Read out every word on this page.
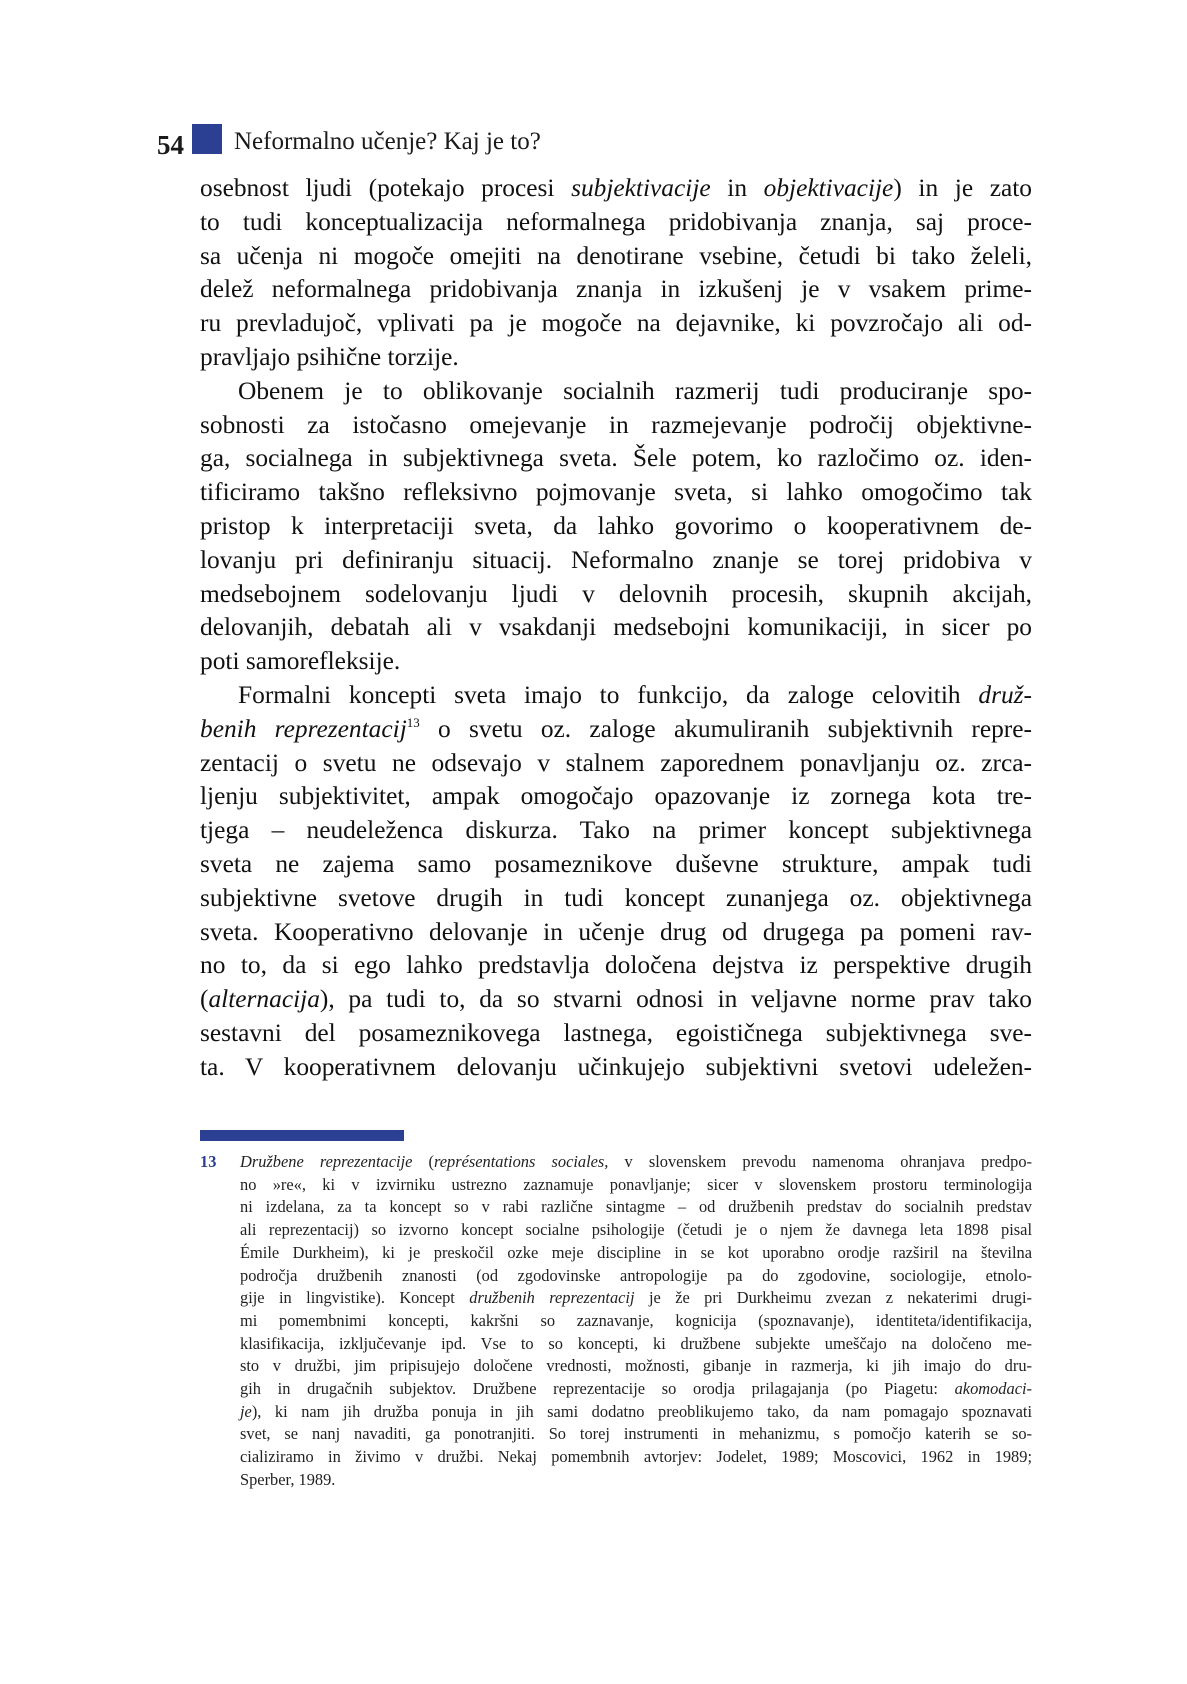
54 Neformalno učenje? Kaj je to?
osebnost ljudi (potekajo procesi subjektivacije in objektivacije) in je zato
to tudi konceptualizacija neformalnega pridobivanja znanja, saj proce-
sa učenja ni mogoče omejiti na denotirane vsebine, četudi bi tako želeli,
delež neformalnega pridobivanja znanja in izkušenj je v vsakem prime-
ru prevladujoč, vplivati pa je mogoče na dejavnike, ki povzročajo ali od-
pravljajo psihične torzije.
Obenem je to oblikovanje socialnih razmerij tudi produciranje spo-
sobnosti za istočasno omejevanje in razmejevanje področij objektivne-
ga, socialnega in subjektivnega sveta. Šele potem, ko razločimo oz. iden-
tificiramo takšno refleksivno pojmovanje sveta, si lahko omogočimo tak
pristop k interpretaciji sveta, da lahko govorimo o kooperativnem de-
lovanju pri definiranju situacij. Neformalno znanje se torej pridobiva v
medsebojnem sodelovanju ljudi v delovnih procesih, skupnih akcijah,
delovanjih, debatah ali v vsakdanji medsebojni komunikaciji, in sicer po
poti samorefleksije.
Formalni koncepti sveta imajo to funkcijo, da zaloge celovitih druž-
benih reprezentacij$^{13}$ o svetu oz. zaloge akumuliranih subjektivnih repre-
zentacij o svetu ne odsevajo v stalnem zaporednem ponavljanju oz. zrca-
ljenju subjektivitet, ampak omogočajo opazovanje iz zornega kota tre-
tjega – neudeleženca diskurza. Tako na primer koncept subjektivnega
sveta ne zajema samo posameznikove duševne strukture, ampak tudi
subjektivne svetove drugih in tudi koncept zunanjega oz. objektivnega
sveta. Kooperativno delovanje in učenje drug od drugega pa pomeni rav-
no to, da si ego lahko predstavlja določena dejstva iz perspektive drugih
(alternacija), pa tudi to, da so stvarni odnosi in veljavne norme prav tako
sestavni del posameznikovega lastnega, egoističnega subjektivnega sve-
ta. V kooperativnem delovanju učinkujejo subjektivni svetovi udeležen-
13 Družbene reprezentacije (représentations sociales, v slovenskem prevodu namenoma ohranjava predpo-
no »re«, ki v izvirniku ustrezno zaznamuje ponavljanje; sicer v slovenskem prostoru terminologija
ni izdelana, za ta koncept so v rabi različne sintagme – od družbenih predstav do socialnih predstav
ali reprezentacij) so izvorno koncept socialne psihologije (četudi je o njem že davnega leta 1898 pisal
Émile Durkheim), ki je preskočil ozke meje discipline in se kot uporabno orodje razširil na številna
področja družbenih znanosti (od zgodovinske antropologije pa do zgodovine, sociologije, etnolo-
gije in lingvistike). Koncept družbenih reprezentacij je že pri Durkheimu zvezan z nekaterimi drugi-
mi pomembnimi koncepti, kakršni so zaznavanje, kognicija (spoznavanje), identiteta/identifikacija,
klasifikacija, izključevanje ipd. Vse to so koncepti, ki družbene subjekte umeščajo na določeno me-
sto v družbi, jim pripisujejo določene vrednosti, možnosti, gibanje in razmerja, ki jih imajo do dru-
gih in drugačnih subjektov. Družbene reprezentacije so orodja prilagajanja (po Piagetu: akomodaci-
je), ki nam jih družba ponuja in jih sami dodatno preoblikujemo tako, da nam pomagajo spoznavati
svet, se nanj navaditi, ga ponotranjiti. So torej instrumenti in mehanizmu, s pomočjo katerih se so-
cializiramo in živimo v družbi. Nekaj pomembnih avtorjev: Jodelet, 1989; Moscovici, 1962 in 1989;
Sperber, 1989.
